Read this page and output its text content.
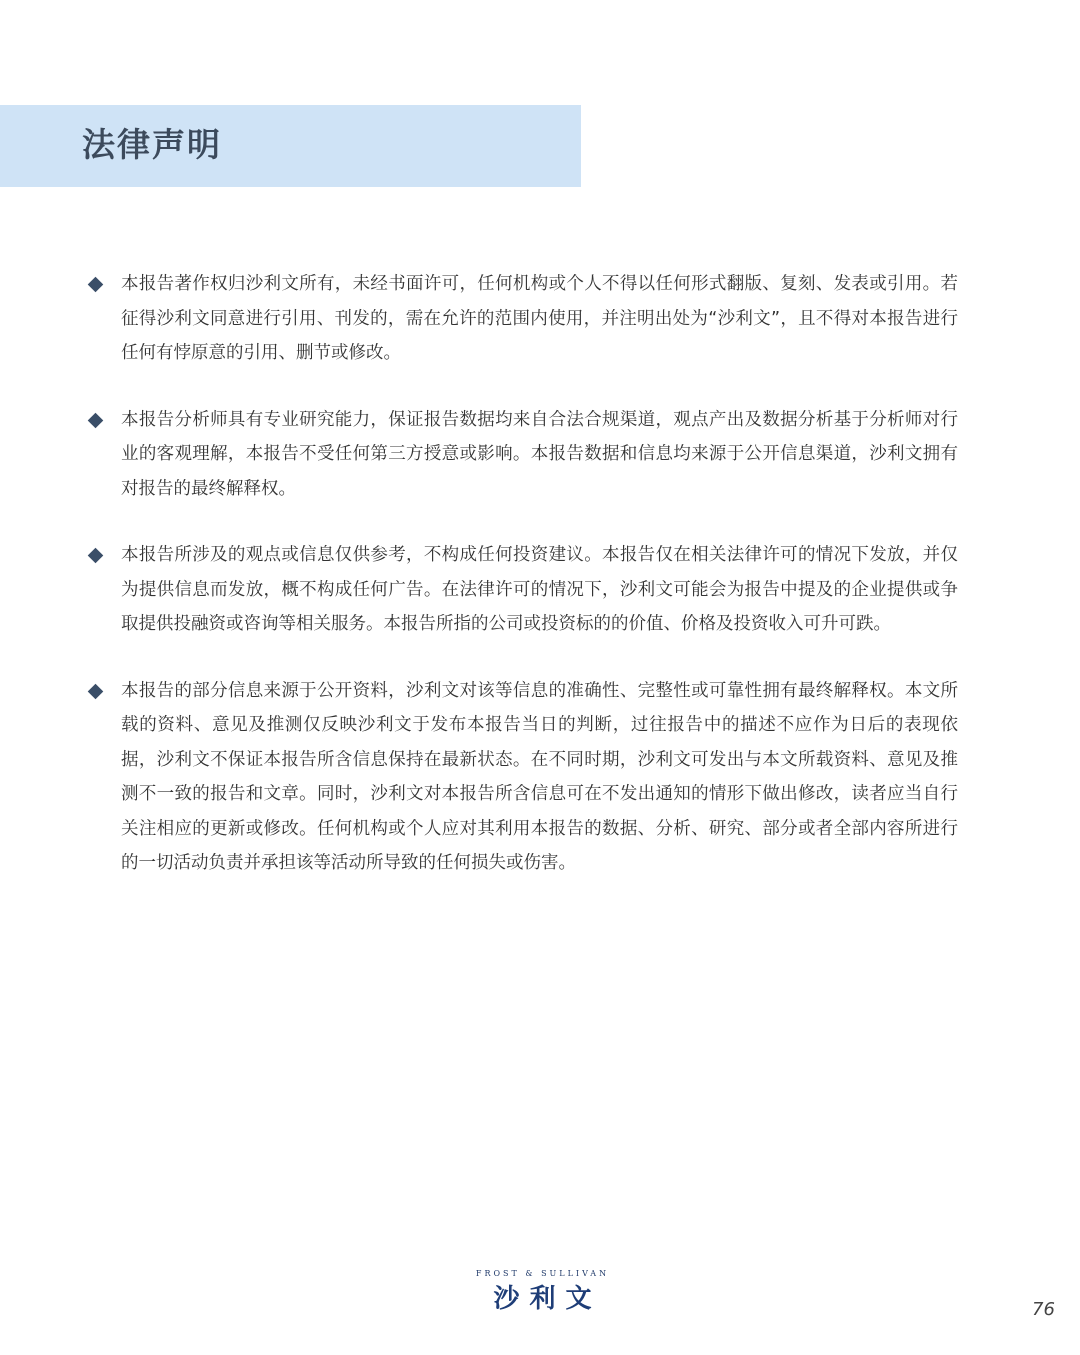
法律声明
本报告著作权归沙利文所有，未经书面许可，任何机构或个人不得以任何形式翻版、复刻、发表或引用。若征得沙利文同意进行引用、刊发的，需在允许的范围内使用，并注明出处为“沙利文”，且不得对本报告进行任何有悖原意的引用、删节或修改。
本报告分析师具有专业研究能力，保证报告数据均来自合法合规渠道，观点产出及数据分析基于分析师对行业的客观理解，本报告不受任何第三方授意或影响。本报告数据和信息均来源于公开信息渠道，沙利文拥有对报告的最终解释权。
本报告所涉及的观点或信息仅供参考，不构成任何投资建议。本报告仅在相关法律许可的情况下发放，并仅为提供信息而发放，概不构成任何广告。在法律许可的情况下，沙利文可能会为报告中提及的企业提供或争取提供投融资或咨询等相关服务。本报告所指的公司或投资标的的价值、价格及投资收入可升可跌。
本报告的部分信息来源于公开资料，沙利文对该等信息的准确性、完整性或可靠性拥有最终解释权。本文所载的资料、意见及推测仅反映沙利文于发布本报告当日的判断，过往报告中的描述不应作为日后的表现依据，沙利文不保证本报告所含信息保持在最新状态。在不同时期，沙利文可发出与本文所载资料、意见及推测不一致的报告和文章。同时，沙利文对本报告所含信息可在不发出通知的情形下做出修改，读者应当自行关注相应的更新或修改。任何机构或个人应对其利用本报告的数据、分析、研究、部分或者全部内容所进行的一切活动负责并承担该等活动所导致的任何损失或伤害。
FROST & SULLIVAN
沙利文	76
